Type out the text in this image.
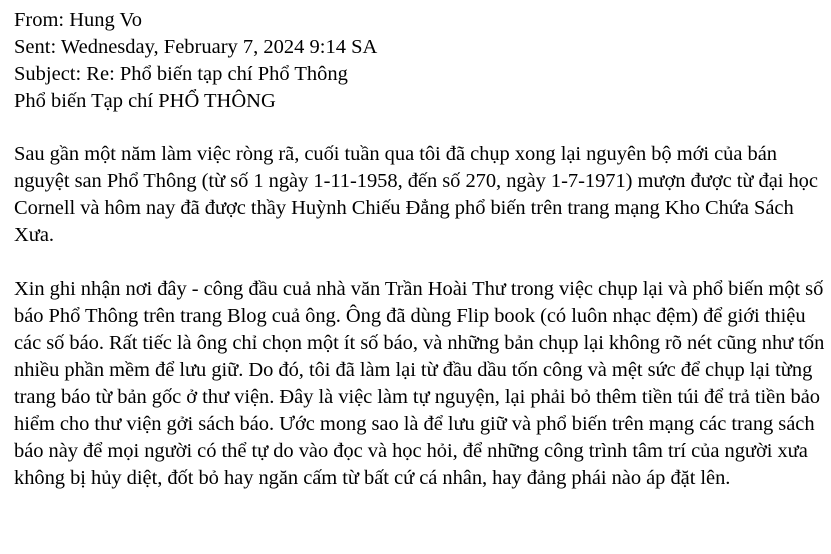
From: Hung Vo
Sent: Wednesday, February 7, 2024 9:14 SA
Subject: Re: Phổ biến tạp chí Phổ Thông
Phổ biến Tạp chí PHỔ THÔNG

Sau gần một năm làm việc ròng rã, cuối tuần qua tôi đã chụp xong lại nguyên bộ mới của bán nguyệt san Phổ Thông (từ số 1 ngày 1-11-1958, đến số 270, ngày 1-7-1971) mượn được từ đại học Cornell và hôm nay đã được thầy Huỳnh Chiếu Đẳng phổ biến trên trang mạng Kho Chứa Sách Xưa.

Xin ghi nhận nơi đây - công đầu cuả nhà văn Trần Hoài Thư trong việc chụp lại và phổ biến một số báo Phổ Thông trên trang Blog cuả ông. Ông đã dùng Flip book (có luôn nhạc đệm) để giới thiệu các số báo. Rất tiếc là ông chỉ chọn một ít số báo, và những bản chụp lại không rõ nét cũng như tốn nhiều phần mềm để lưu giữ. Do đó, tôi đã làm lại từ đầu dầu tốn công và mệt sức để chụp lại từng trang báo từ bản gốc ở thư viện. Đây là việc làm tự nguyện, lại phải bỏ thêm tiền túi để trả tiền bảo hiểm cho thư viện gởi sách báo. Ước mong sao là để lưu giữ và phổ biến trên mạng các trang sách báo này để mọi người có thể tự do vào đọc và học hỏi, để những công trình tâm trí của người xưa không bị hủy diệt, đốt bỏ hay ngăn cấm từ bất cứ cá nhân, hay đảng phái nào áp đặt lên.
